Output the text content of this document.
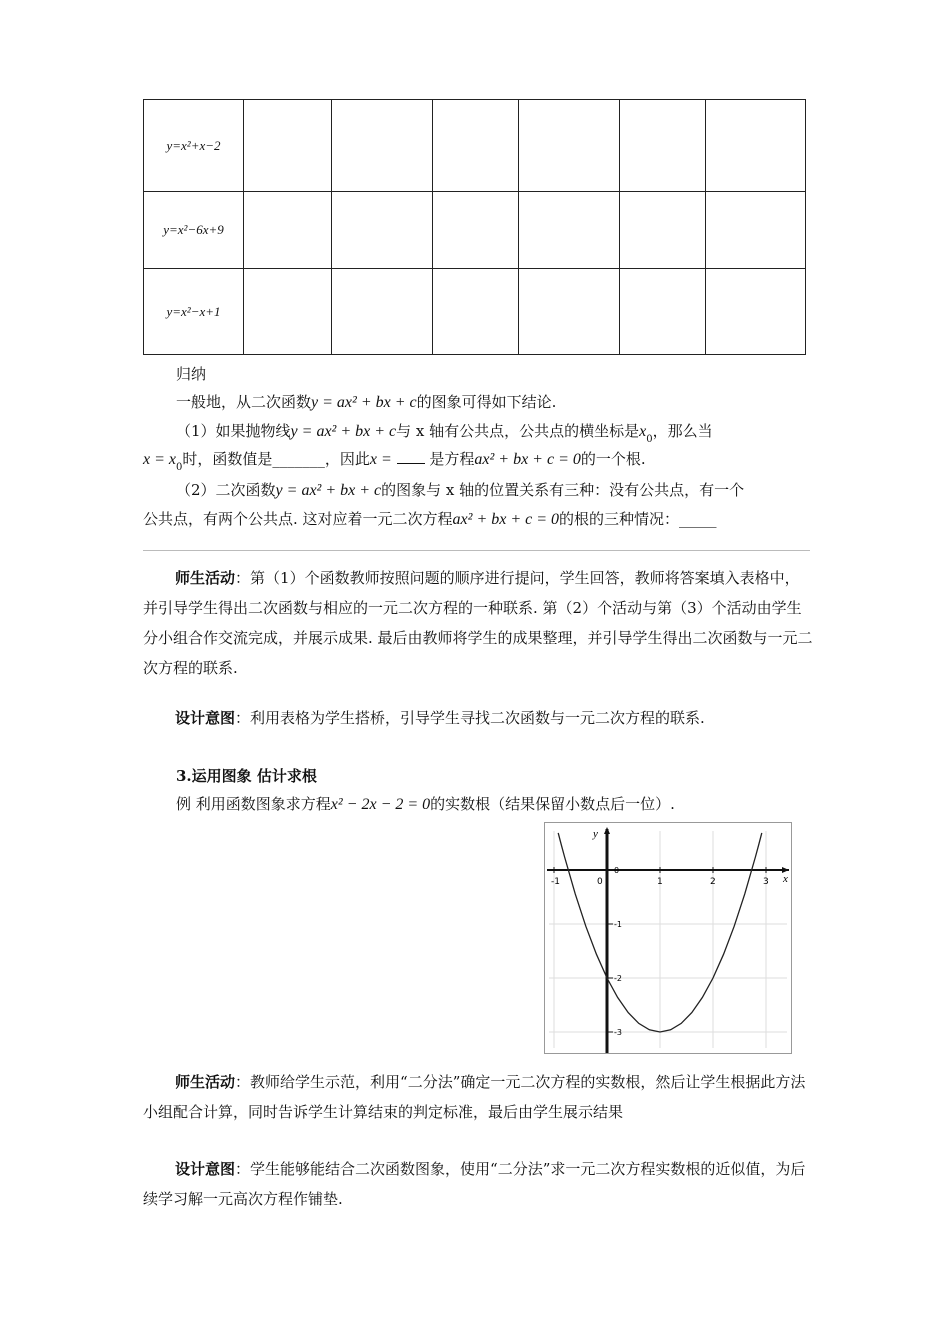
y=x²+x−2						
y=x²−6x+9						
y=x²−x+1						
归纳
一般地，从二次函数y = ax² + bx + c的图象可得如下结论.
（1）如果抛物线y = ax² + bx + c与 x 轴有公共点，公共点的横坐标是$x_0$，那么当
$x = x_0$时，函数值是_______，因此x =	是方程ax² + bx + c = 0的一个根.
（2）二次函数y = ax² + bx + c的图象与 x 轴的位置关系有三种：没有公共点，有一个
公共点，有两个公共点. 这对应着一元二次方程ax² + bx + c = 0的根的三种情况：_____
师生活动：第（1）个函数教师按照问题的顺序进行提问，学生回答，教师将答案填入表格中，并引导学生得出二次函数与相应的一元二次方程的一种联系. 第（2）个活动与第（3）个活动由学生分小组合作交流完成，并展示成果. 最后由教师将学生的成果整理，并引导学生得出二次函数与一元二次方程的联系.
设计意图：利用表格为学生搭桥，引导学生寻找二次函数与一元二次方程的联系.
3.运用图象 估计求根
例 利用函数图象求方程x² − 2x − 2 = 0的实数根（结果保留小数点后一位）.
x
y
-1	0	1	2	3
0
-1
-2
-3
师生活动：教师给学生示范，利用“二分法”确定一元二次方程的实数根，然后让学生根据此方法小组配合计算，同时告诉学生计算结束的判定标准，最后由学生展示结果
设计意图：学生能够能结合二次函数图象，使用“二分法”求一元二次方程实数根的近似值，为后续学习解一元高次方程作铺垫.
